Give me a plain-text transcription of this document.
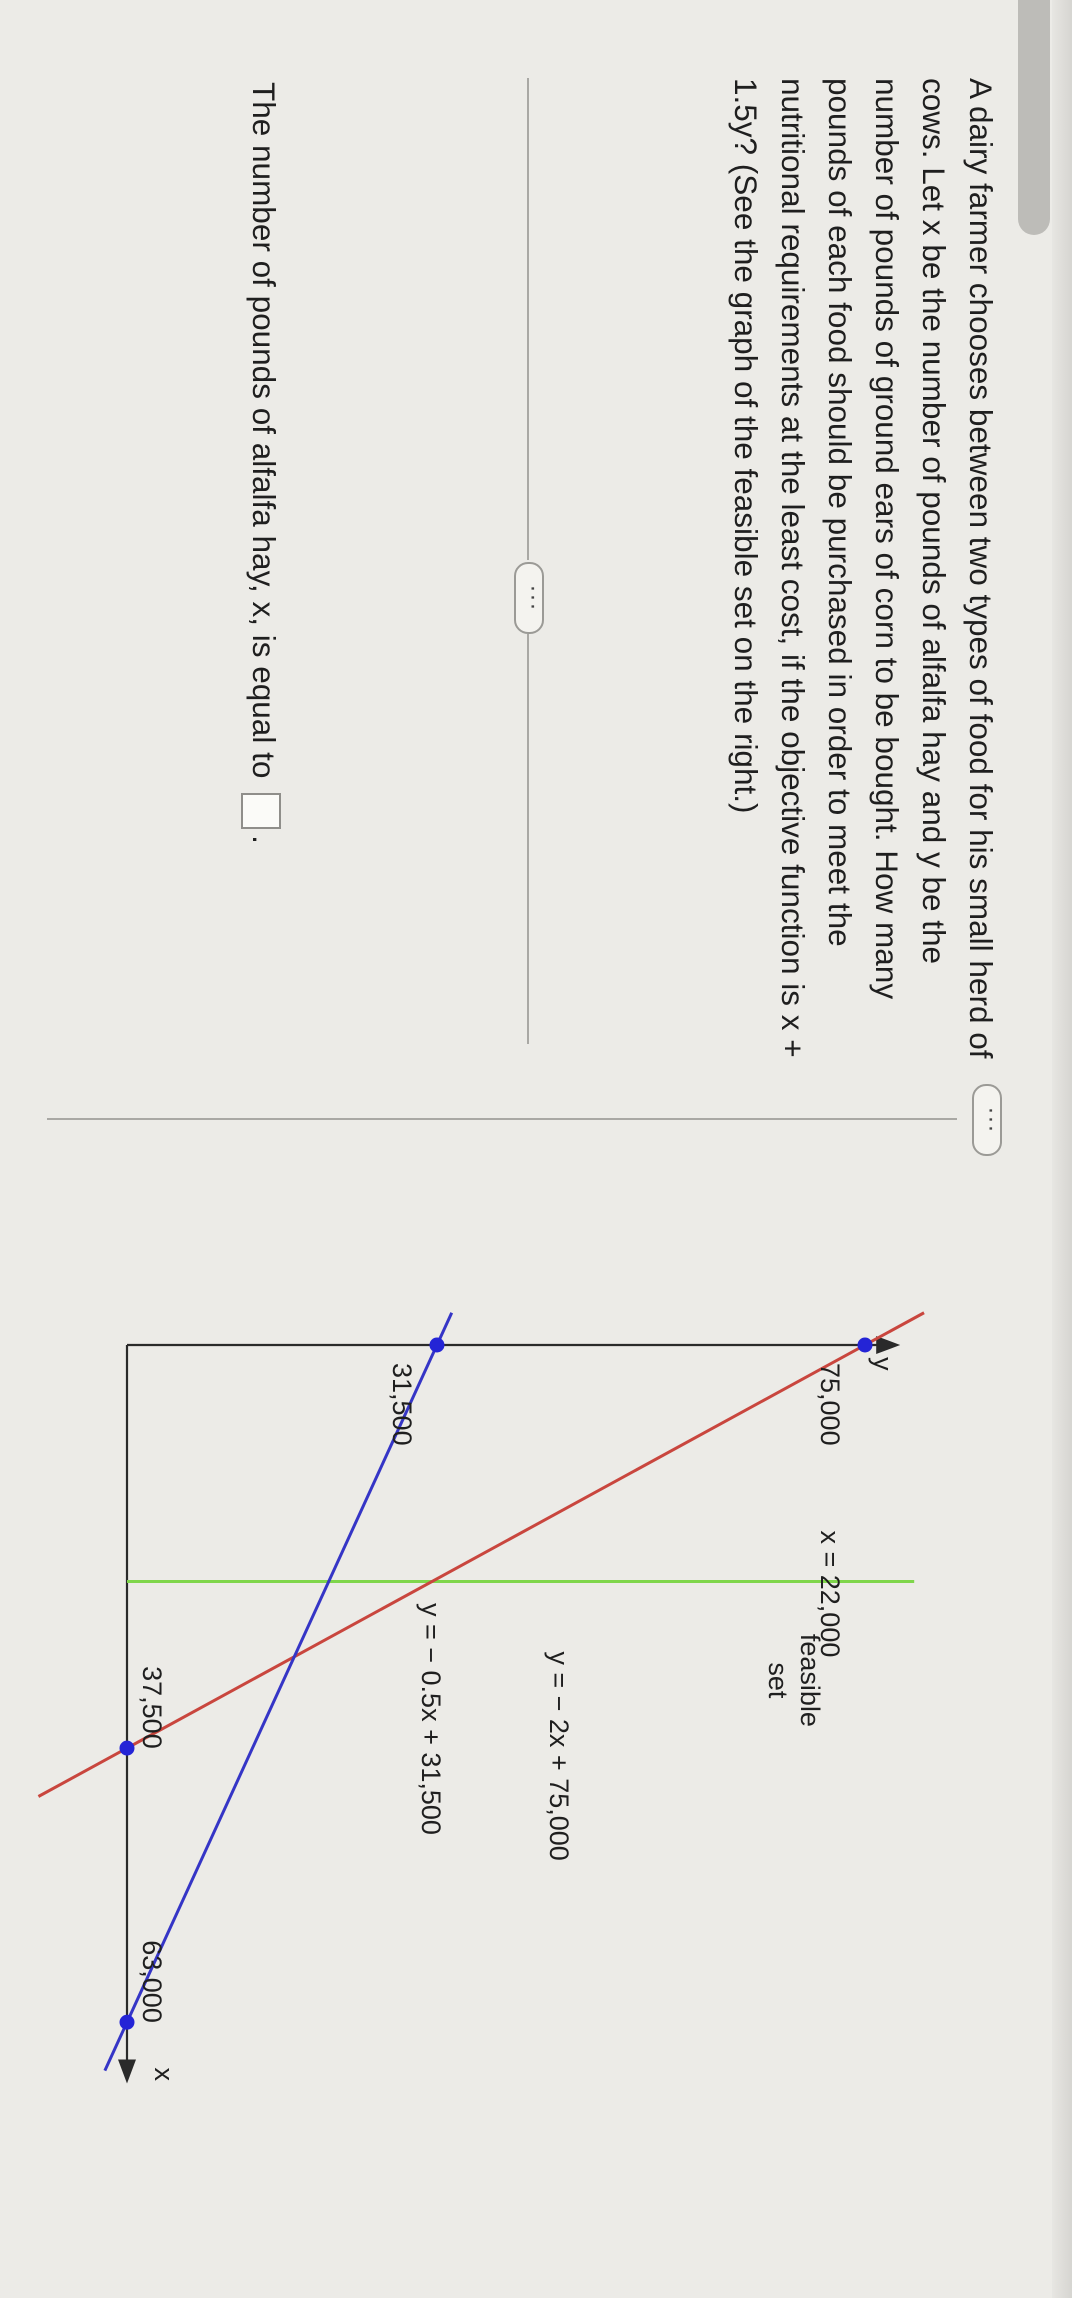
A dairy farmer chooses between two types of food for his small herd of cows. Let x be the number of pounds of alfalfa hay and y be the number of pounds of ground ears of corn to be bought. How many pounds of each food should be purchased in order to meet the nutritional requirements at the least cost, if the objective function is x + 1.5y? (See the graph of the feasible set on the right.)

···
···
The number of pounds of alfalfa hay, x, is equal to .
y
x
75,000
31,500
37,500
63,000
x = 22,000
y = − 2x + 75,000
y = − 0.5x + 31,500	feasible
set
